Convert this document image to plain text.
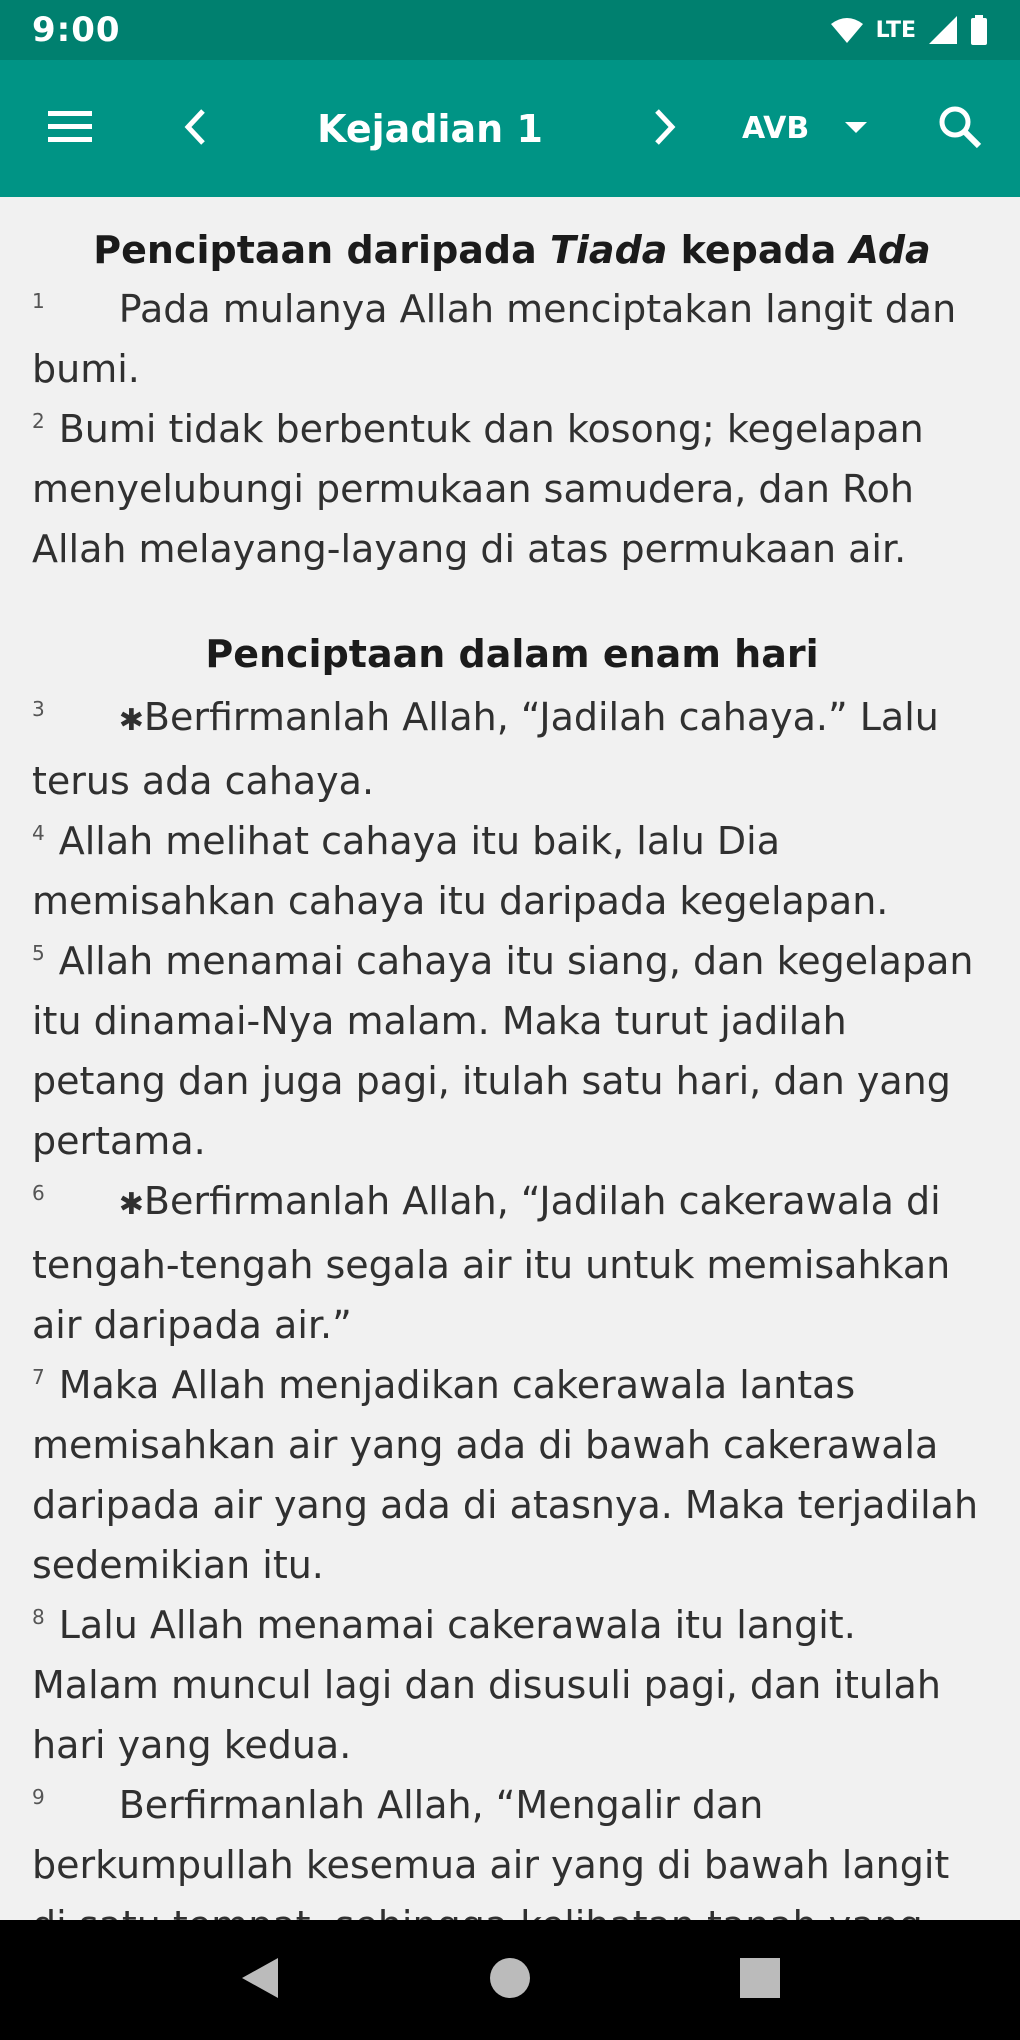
9:00	LTE
Kejadian 1	AVB
Penciptaan daripada Tiada kepada Ada

$^1$ Pada mulanya Allah menciptakan langit dan bumi.

$^2$ Bumi tidak berbentuk dan kosong; kegelapan menyelubungi permukaan samudera, dan Roh Allah melayang-layang di atas permukaan air.

Penciptaan dalam enam hari

$^3$ ✱Berfirmanlah Allah, “Jadilah cahaya.” Lalu terus ada cahaya.

$^4$ Allah melihat cahaya itu baik, lalu Dia memisahkan cahaya itu daripada kegelapan.

$^5$ Allah menamai cahaya itu siang, dan kegelapan itu dinamai-Nya malam. Maka turut jadilah petang dan juga pagi, itulah satu hari, dan yang pertama.

$^6$ ✱Berfirmanlah Allah, “Jadilah cakerawala di tengah-tengah segala air itu untuk memisahkan air daripada air.”

$^7$ Maka Allah menjadikan cakerawala lantas memisahkan air yang ada di bawah cakerawala daripada air yang ada di atasnya. Maka terjadilah sedemikian itu.

$^8$ Lalu Allah menamai cakerawala itu langit. Malam muncul lagi dan disusuli pagi, dan itulah hari yang kedua.

$^9$ Berfirmanlah Allah, “Mengalir dan berkumpullah kesemua air yang di bawah langit
